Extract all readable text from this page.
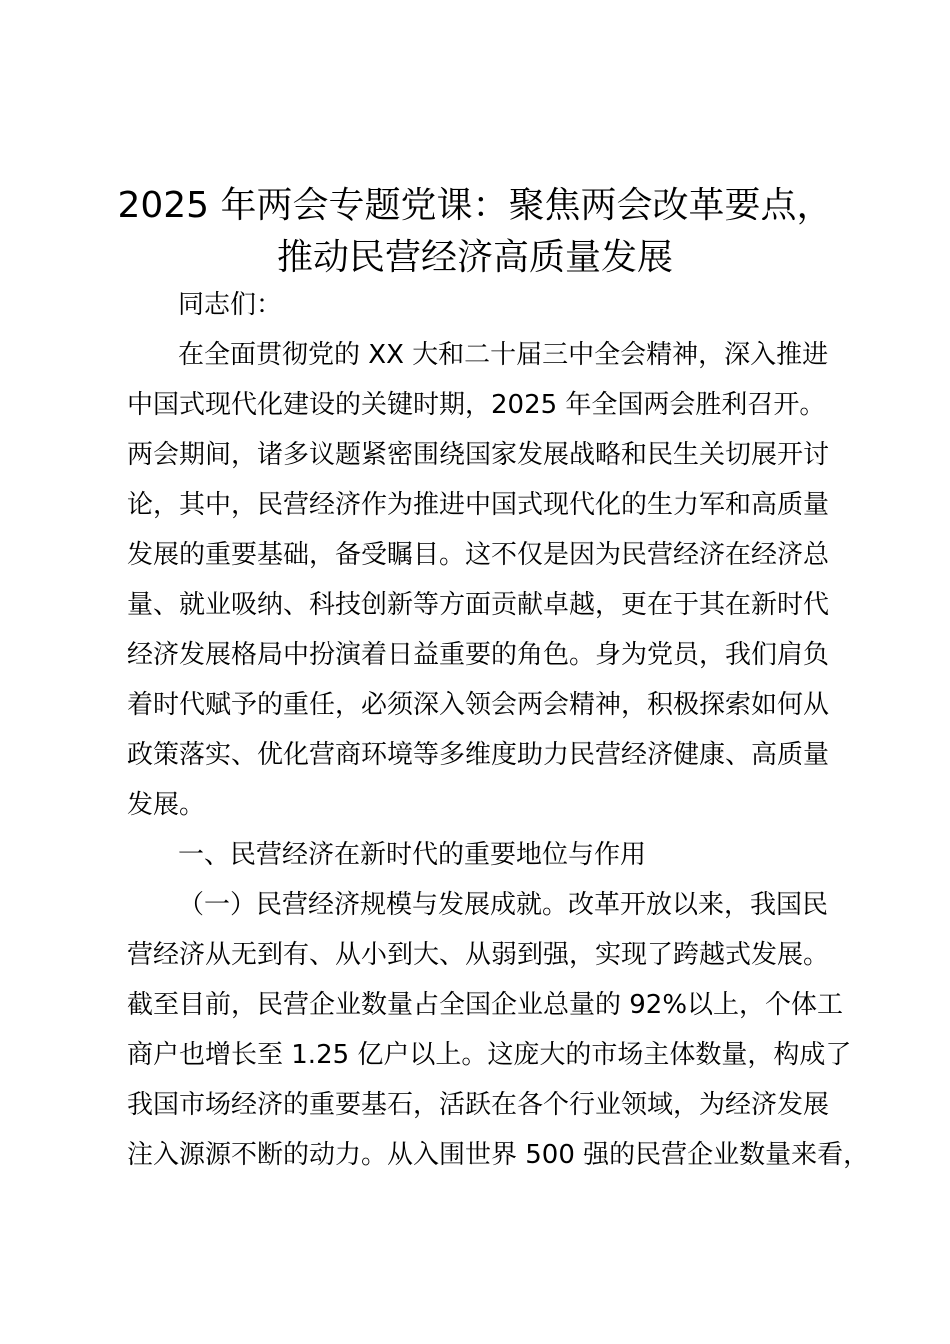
2025 年两会专题党课：聚焦两会改革要点，
推动民营经济高质量发展
同志们：
在全面贯彻党的 XX 大和二十届三中全会精神，深入推进
中国式现代化建设的关键时期，2025 年全国两会胜利召开。
两会期间，诸多议题紧密围绕国家发展战略和民生关切展开讨
论，其中，民营经济作为推进中国式现代化的生力军和高质量
发展的重要基础，备受瞩目。这不仅是因为民营经济在经济总
量、就业吸纳、科技创新等方面贡献卓越，更在于其在新时代
经济发展格局中扮演着日益重要的角色。身为党员，我们肩负
着时代赋予的重任，必须深入领会两会精神，积极探索如何从
政策落实、优化营商环境等多维度助力民营经济健康、高质量
发展。
一、民营经济在新时代的重要地位与作用
（一）民营经济规模与发展成就。改革开放以来，我国民
营经济从无到有、从小到大、从弱到强，实现了跨越式发展。
截至目前，民营企业数量占全国企业总量的 92%以上，个体工
商户也增长至 1.25 亿户以上。这庞大的市场主体数量，构成了
我国市场经济的重要基石，活跃在各个行业领域，为经济发展
注入源源不断的动力。从入围世界 500 强的民营企业数量来看，
